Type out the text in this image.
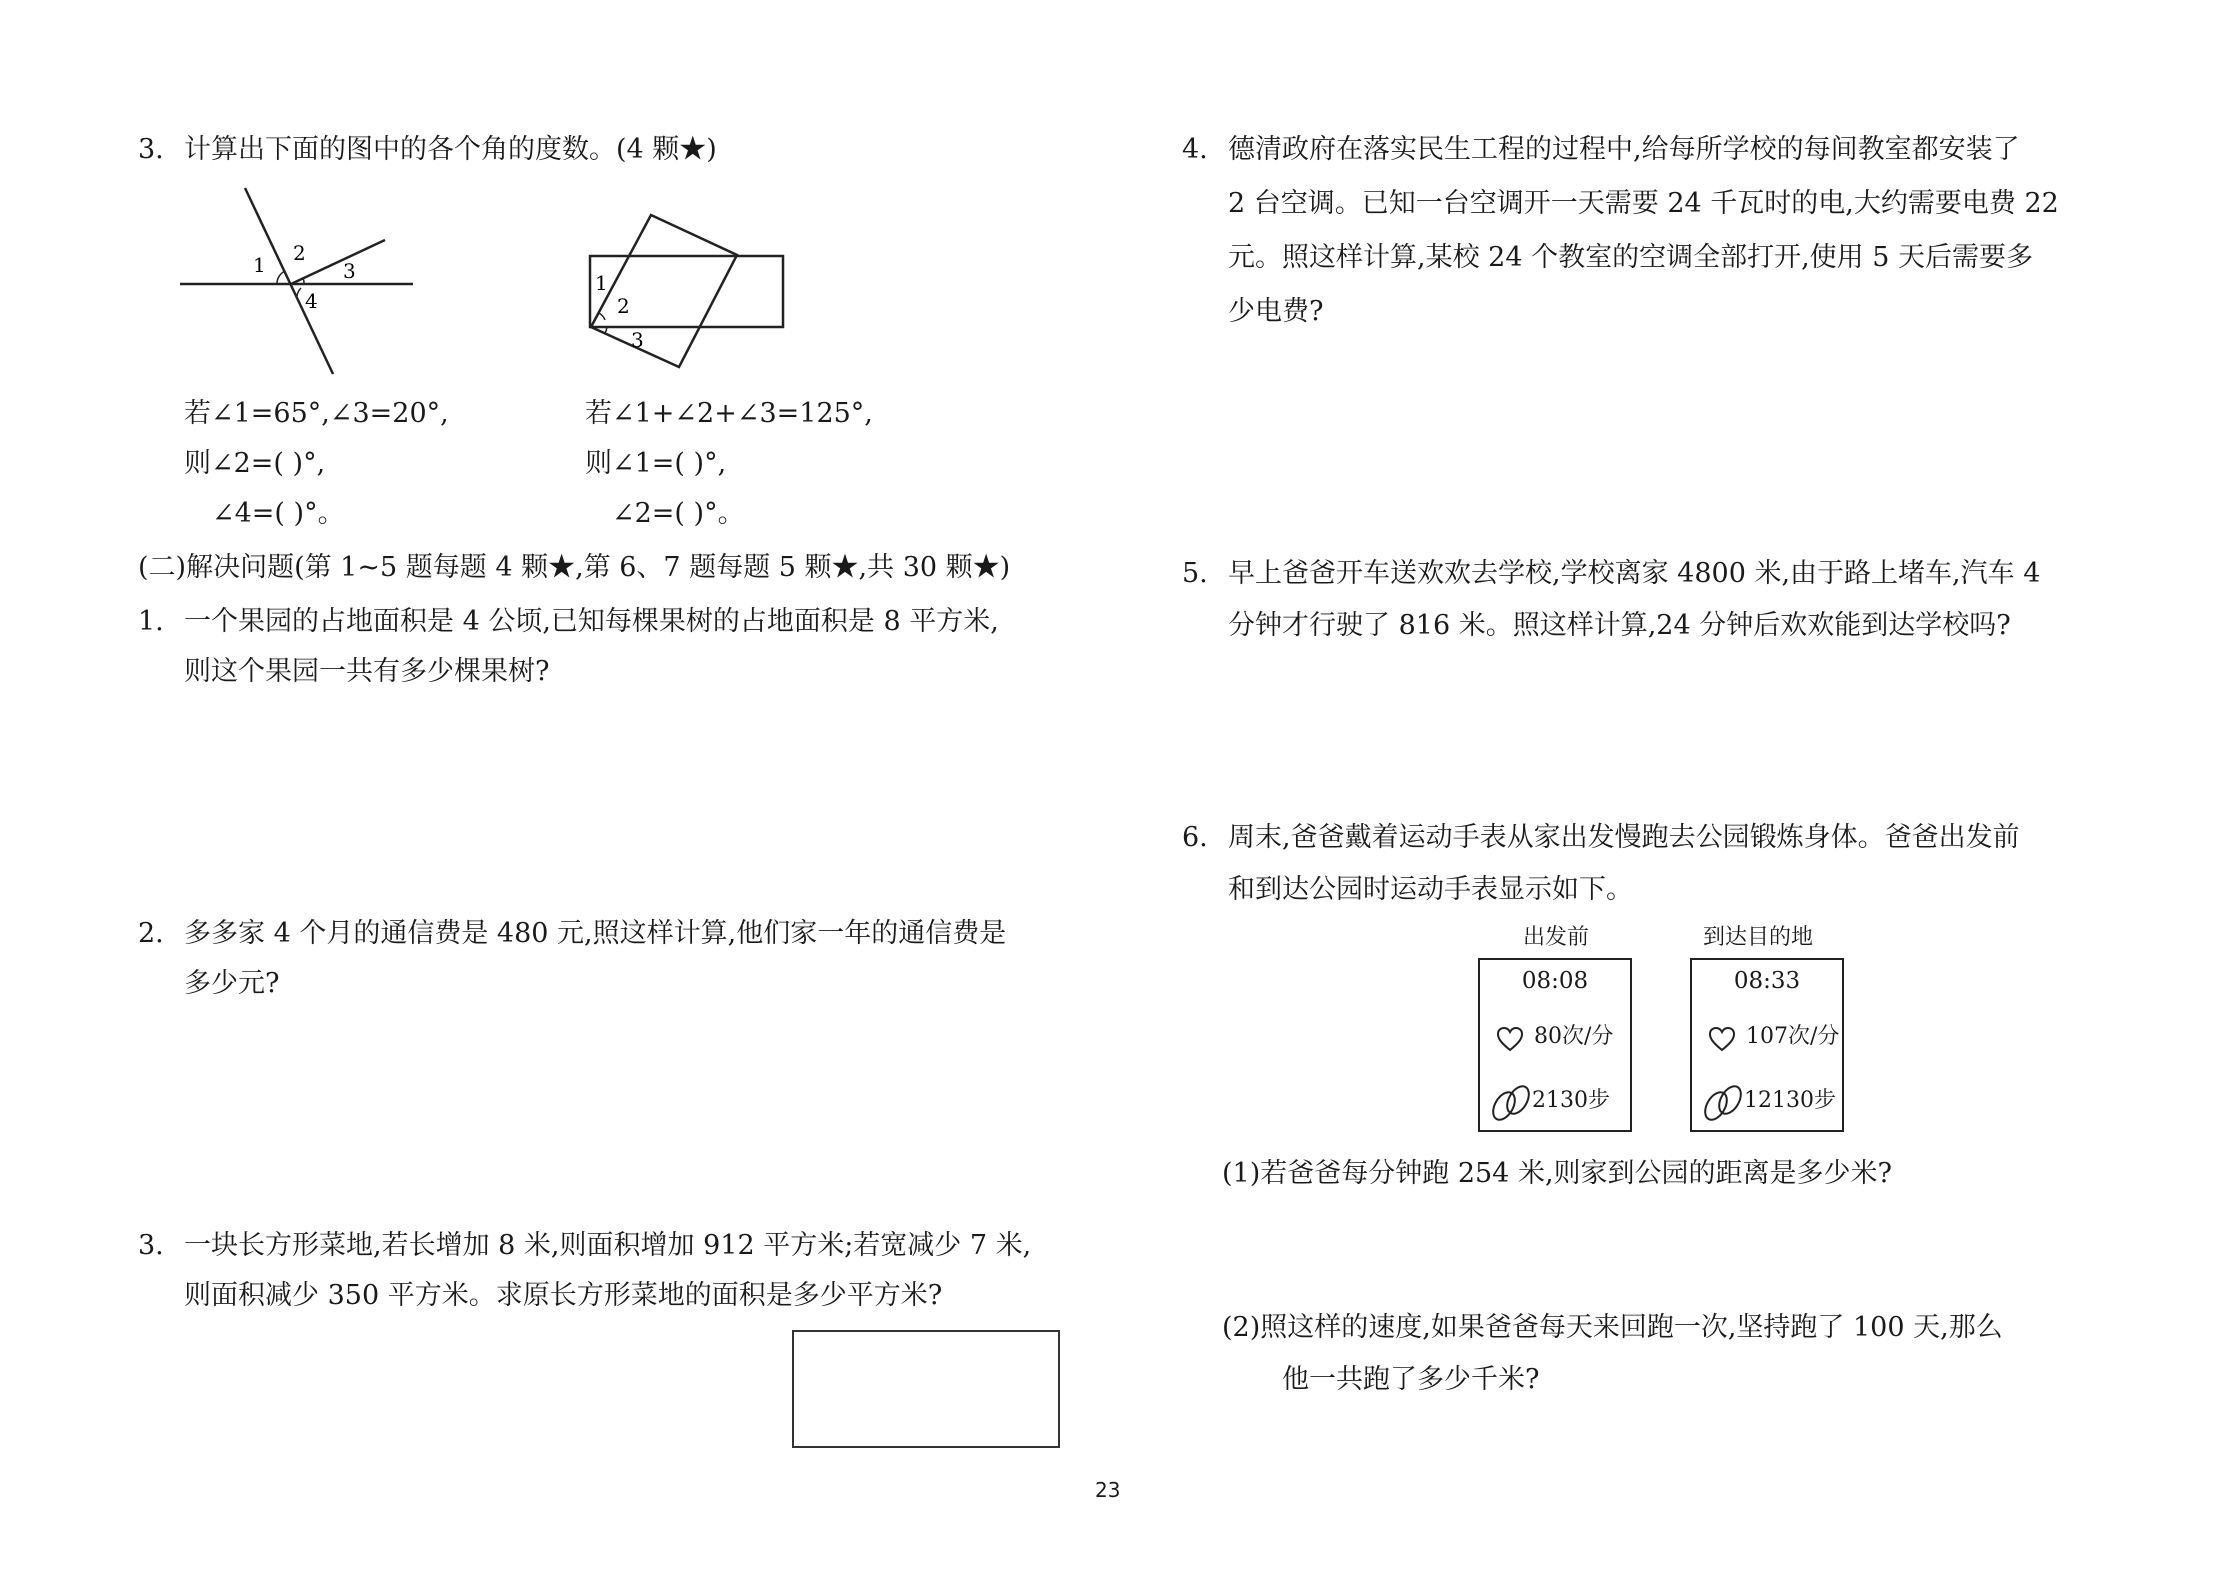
3. 计算出下面的图中的各个角的度数。(4 颗★)
1 2
3
4
1
2
3
若∠1=65°,∠3=20°,
则∠2=( )°,
∠4=( )°。
若∠1+∠2+∠3=125°,
则∠1=( )°,
∠2=( )°。
(二)解决问题(第 1~5 题每题 4 颗★,第 6、7 题每题 5 颗★,共 30 颗★)
1. 一个果园的占地面积是 4 公顷,已知每棵果树的占地面积是 8 平方米,
则这个果园一共有多少棵果树?
2. 多多家 4 个月的通信费是 480 元,照这样计算,他们家一年的通信费是
多少元?
3. 一块长方形菜地,若长增加 8 米,则面积增加 912 平方米;若宽减少 7 米,
则面积减少 350 平方米。求原长方形菜地的面积是多少平方米?
4. 德清政府在落实民生工程的过程中,给每所学校的每间教室都安装了
2 台空调。已知一台空调开一天需要 24 千瓦时的电,大约需要电费 22
元。照这样计算,某校 24 个教室的空调全部打开,使用 5 天后需要多
少电费?
5. 早上爸爸开车送欢欢去学校,学校离家 4800 米,由于路上堵车,汽车 4
分钟才行驶了 816 米。照这样计算,24 分钟后欢欢能到达学校吗?
6. 周末,爸爸戴着运动手表从家出发慢跑去公园锻炼身体。爸爸出发前
和到达公园时运动手表显示如下。
出发前
08:08
80次/分
2130步
到达目的地
08:33
107次/分
12130步
(1)若爸爸每分钟跑 254 米,则家到公园的距离是多少米?
(2)照这样的速度,如果爸爸每天来回跑一次,坚持跑了 100 天,那么
他一共跑了多少千米?
23
